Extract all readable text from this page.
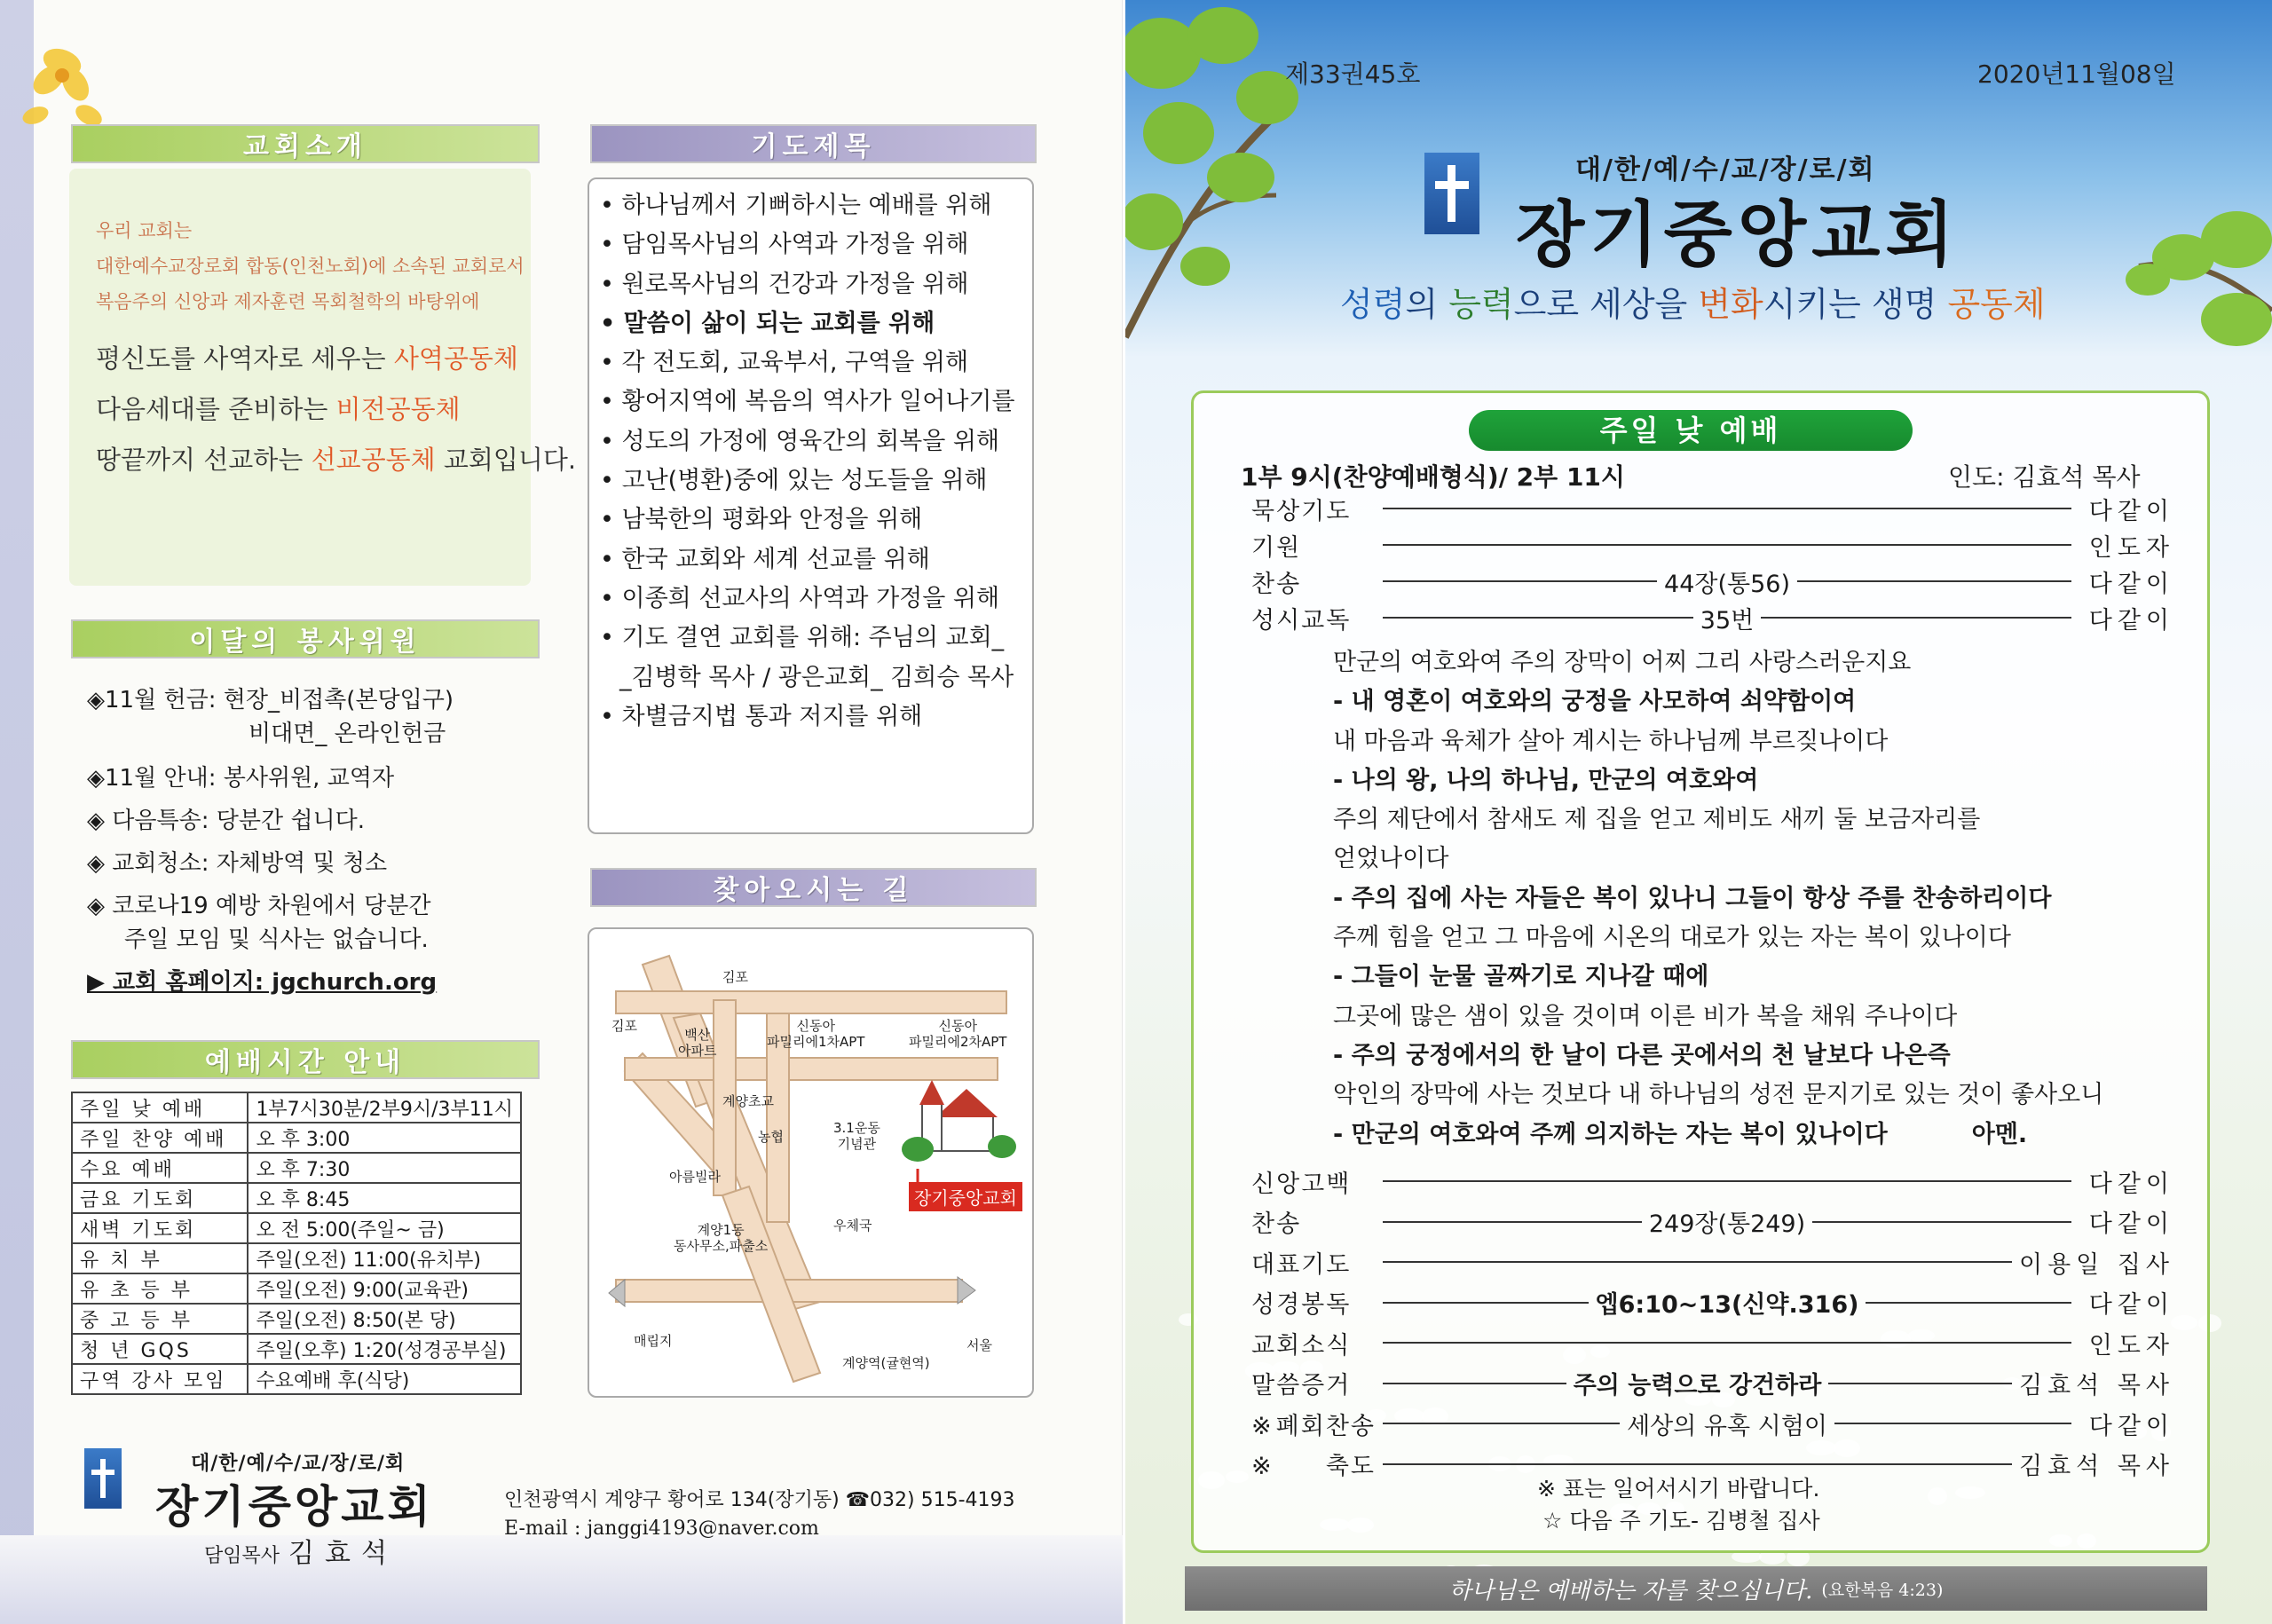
교회소개
우리 교회는
대한예수교장로회 합동(인천노회)에 소속된 교회로서
복음주의 신앙과 제자훈련 목회철학의 바탕위에
평신도를 사역자로 세우는 사역공동체
다음세대를 준비하는 비전공동체
땅끝까지 선교하는 선교공동체 교회입니다.
이달의 봉사위원
◈11월 헌금: 현장_비접촉(본당입구)
비대면_ 온라인헌금
◈11월 안내: 봉사위원, 교역자
◈ 다음특송: 당분간 쉽니다.
◈ 교회청소: 자체방역 및 청소
◈ 코로나19 예방 차원에서 당분간
주일 모임 및 식사는 없습니다.
▶ 교회 홈페이지: jgchurch.org
예배시간 안내
주일 낮 예배	1부7시30분/2부9시/3부11시
주일 찬양 예배	오 후 3:00
수요 예배	오 후 7:30
금요 기도회	오 후 8:45
새벽 기도회	오 전 5:00(주일~ 금)
유 치 부	주일(오전) 11:00(유치부)
유 초 등 부	주일(오전) 9:00(교육관)
중 고 등 부	주일(오전) 8:50(본 당)
청 년 GQS	주일(오후) 1:20(성경공부실)
구역 강사 모임	수요예배 후(식당)
대/한/예/수/교/장/로/회
장기중앙교회
담임목사 김효석
인천광역시 계양구 황어로 134(장기동) ☎032) 515-4193
E-mail : janggi4193@naver.com
기도제목
• 하나님께서 기뻐하시는 예배를 위해
• 담임목사님의 사역과 가정을 위해
• 원로목사님의 건강과 가정을 위해
• 말씀이 삶이 되는 교회를 위해
• 각 전도회, 교육부서, 구역을 위해
• 황어지역에 복음의 역사가 일어나기를
• 성도의 가정에 영육간의 회복을 위해
• 고난(병환)중에 있는 성도들을 위해
• 남북한의 평화와 안정을 위해
• 한국 교회와 세계 선교를 위해
• 이종희 선교사의 사역과 가정을 위해
• 기도 결연 교회를 위해: 주님의 교회_
_김병학 목사 / 광은교회_ 김희승 목사
• 차별금지법 통과 저지를 위해
찾아오시는 길
김포
김포
백산
아파트
신동아
파밀리에1차APT
신동아
파밀리에2차APT
계양초교
농협
3.1운동
기념관
아름빌라
우체국
계양1동
동사무소,파출소
매립지	서울
계양역(귤현역)
장기중앙교회
제33권45호	2020년11월08일
대/한/예/수/교/장/로/회
장기중앙교회
성령의 능력으로 세상을 변화시키는 생명 공동체
주일 낮 예배
1부 9시(찬양예배형식)/ 2부 11시	인도: 김효석 목사
묵상기도	다같이
기원	인도자
찬송	44장(통56)	다같이
성시교독	35번	다같이
만군의 여호와여 주의 장막이 어찌 그리 사랑스러운지요
- 내 영혼이 여호와의 궁정을 사모하여 쇠약함이여
내 마음과 육체가 살아 계시는 하나님께 부르짖나이다
- 나의 왕, 나의 하나님, 만군의 여호와여
주의 제단에서 참새도 제 집을 얻고 제비도 새끼 둘 보금자리를
얻었나이다
- 주의 집에 사는 자들은 복이 있나니 그들이 항상 주를 찬송하리이다
주께 힘을 얻고 그 마음에 시온의 대로가 있는 자는 복이 있나이다
- 그들이 눈물 골짜기로 지나갈 때에
그곳에 많은 샘이 있을 것이며 이른 비가 복을 채워 주나이다
- 주의 궁정에서의 한 날이 다른 곳에서의 천 날보다 나은즉
악인의 장막에 사는 것보다 내 하나님의 성전 문지기로 있는 것이 좋사오니
- 만군의 여호와여 주께 의지하는 자는 복이 있나이다	아멘.
신앙고백	다같이
찬송	249장(통249)	다같이
대표기도	이용일 집사
성경봉독	엡6:10~13(신약.316)	다같이
교회소식	인도자
말씀증거	주의 능력으로 강건하라	김효석 목사
※폐회찬송	세상의 유혹 시험이	다같이
※축도	김효석 목사
※ 표는 일어서시기 바랍니다.
☆ 다음 주 기도- 김병철 집사
하나님은 예배하는 자를 찾으십니다. (요한복음 4:23)
